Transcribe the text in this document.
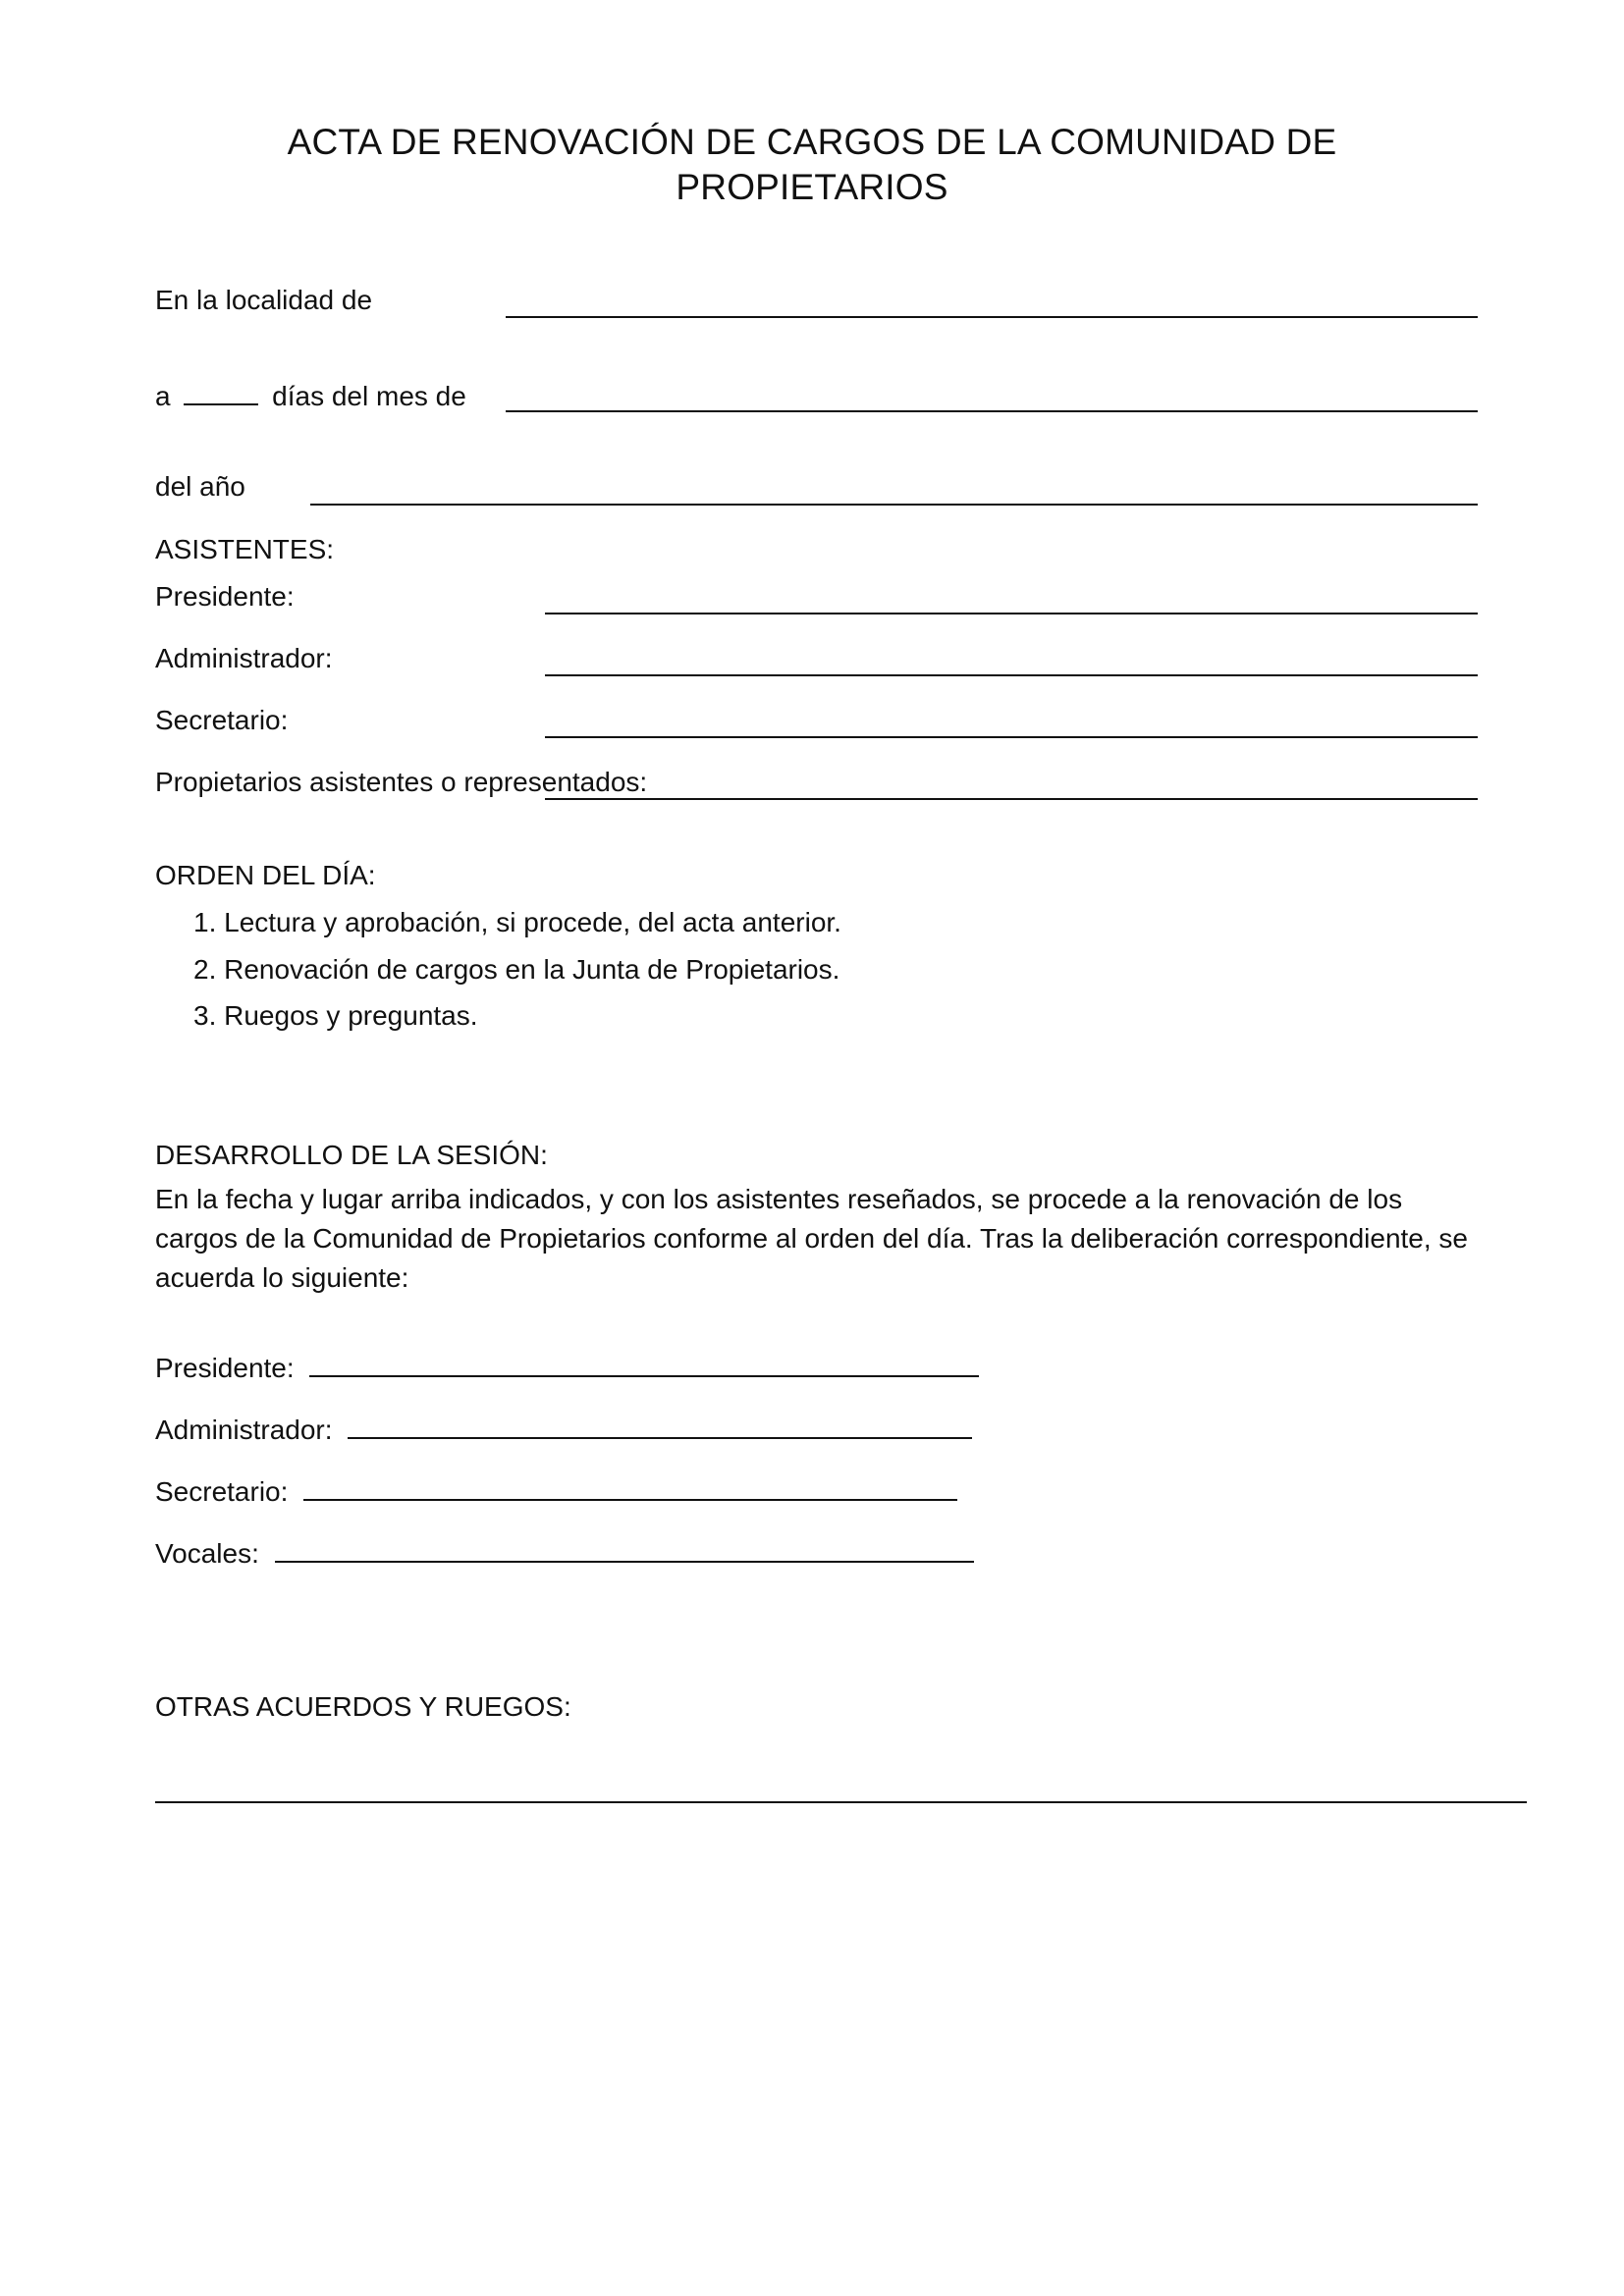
ACTA DE RENOVACIÓN DE CARGOS DE LA COMUNIDAD DE
PROPIETARIOS
En la localidad de
a	días del mes de
del año
ASISTENTES:
Presidente:
Administrador:
Secretario:
Propietarios asistentes o representados:
ORDEN DEL DÍA:
1. Lectura y aprobación, si procede, del acta anterior.
2. Renovación de cargos en la Junta de Propietarios.
3. Ruegos y preguntas.
DESARROLLO DE LA SESIÓN:
En la fecha y lugar arriba indicados, y con los asistentes reseñados, se procede a la renovación de los cargos de la Comunidad de Propietarios conforme al orden del día. Tras la deliberación correspondiente, se acuerda lo siguiente:
Presidente:
Administrador:
Secretario:
Vocales:
OTRAS ACUERDOS Y RUEGOS:
